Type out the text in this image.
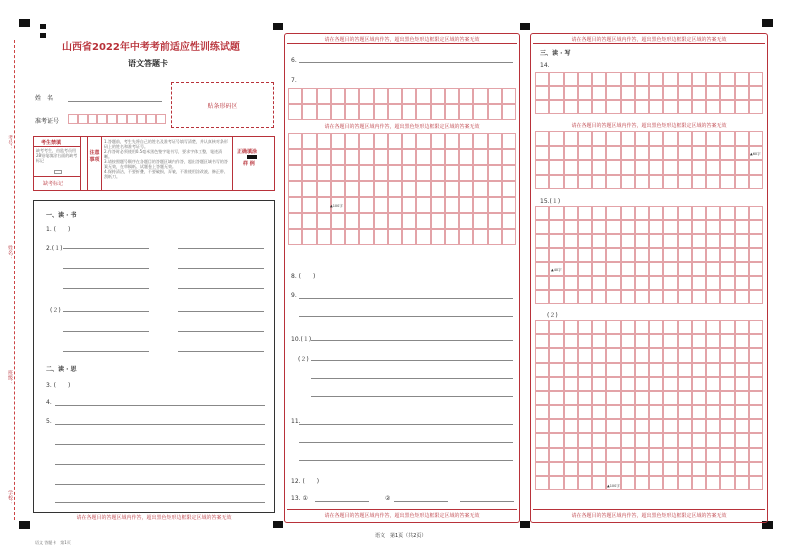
考号：
姓名：
班级：
学校：
山西省2022年中考考前适应性训练试题
语文答题卡
姓　名
准考证号
贴条形码区
考生禁填
缺考考生，由监考员用2B铅笔填涂右面的缺考标记
缺考标记
注意事项
1.答题前，考生先将自己的姓名及准考证号填写清楚，并认真核对条形码上的姓名和准考证号。
2.作答时必须使用0.5毫米黑色签字笔书写，要求字体工整，笔迹清晰。
3.请按照题号顺序在各题目的答题区域内作答，超出答题区域书写的答案无效，在草稿纸、试题卷上答题无效。
4.保持清洁，不要折叠，不要破损，弄皱，不准使用涂改液、修正带、刮纸刀。
正确填涂
样 例
一、读 · 书
1. (　　)
2.(１)
(２)
二、读 · 思
3. (　　)
4.
5.
请在各题目的答题区域内作答，超出黑色矩形边框限定区域的答案无效
语文 答题卡　第1页
请在各题目的答题区域内作答，超出黑色矩形边框限定区域的答案无效
6.
7.
请在各题目的答题区域内作答，超出黑色矩形边框限定区域的答案无效
▲100字
8. (　　)
9.
10.(１)
(２)
11.
12. (　　)
13. ①	②
请在各题目的答题区域内作答，超出黑色矩形边框限定区域的答案无效
语文　第1页（共2页）
请在各题目的答题区域内作答，超出黑色矩形边框限定区域的答案无效
三、读 · 写
14.
请在各题目的答题区域内作答，超出黑色矩形边框限定区域的答案无效
▲60字
15.(１)
▲40字
(２)
▲100字
请在各题目的答题区域内作答，超出黑色矩形边框限定区域的答案无效
